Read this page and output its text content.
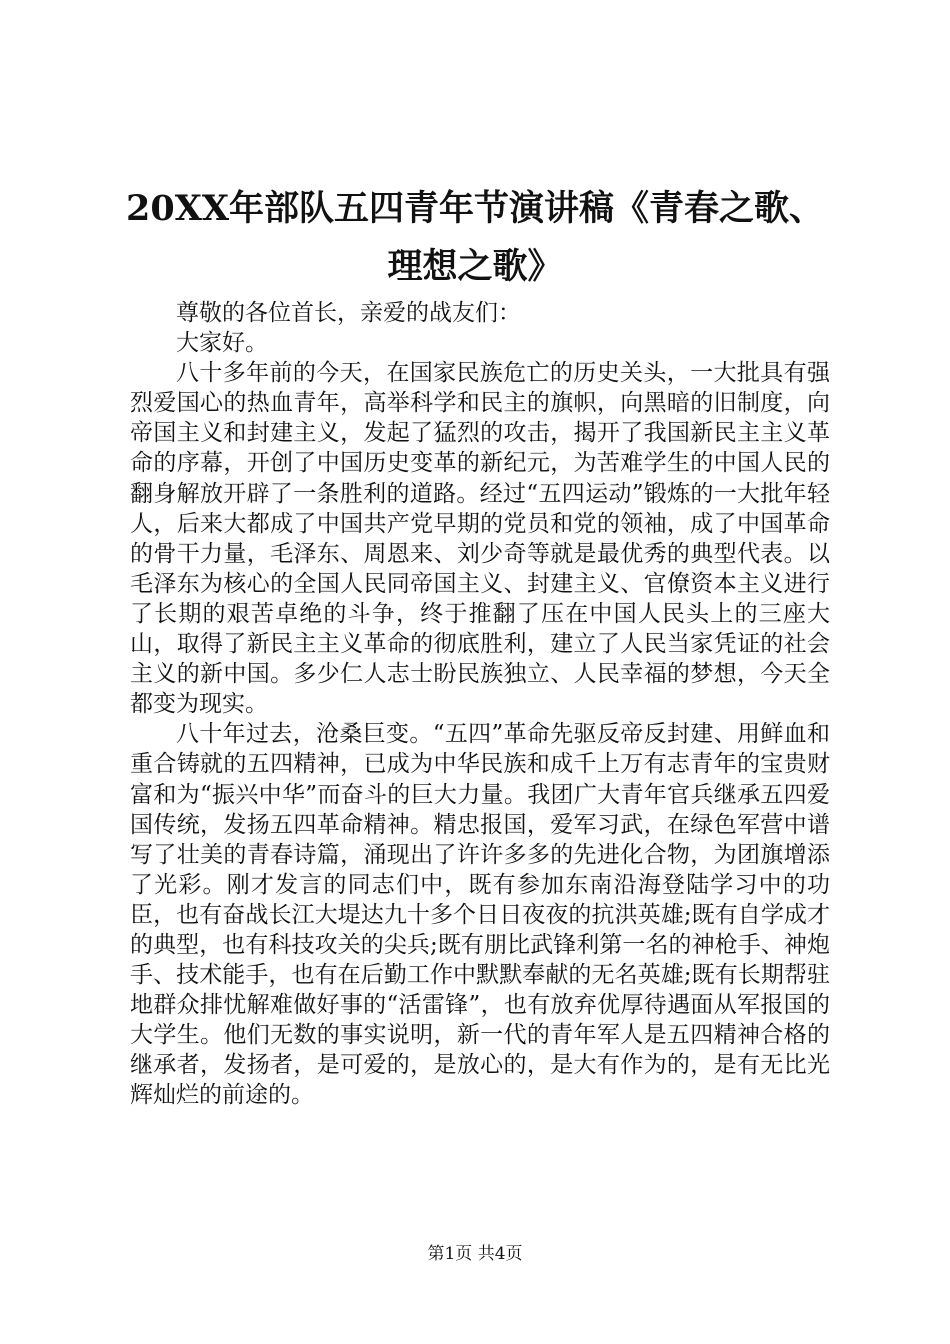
20XX年部队五四青年节演讲稿《青春之歌、
理想之歌》

尊敬的各位首长，亲爱的战友们：

大家好。

八十多年前的今天，在国家民族危亡的历史关头，一大批具有强烈爱国心的热血青年，高举科学和民主的旗帜，向黑暗的旧制度，向帝国主义和封建主义，发起了猛烈的攻击，揭开了我国新民主主义革命的序幕，开创了中国历史变革的新纪元，为苦难学生的中国人民的翻身解放开辟了一条胜利的道路。经过“五四运动”锻炼的一大批年轻人，后来大都成了中国共产党早期的党员和党的领袖，成了中国革命的骨干力量，毛泽东、周恩来、刘少奇等就是最优秀的典型代表。以毛泽东为核心的全国人民同帝国主义、封建主义、官僚资本主义进行了长期的艰苦卓绝的斗争，终于推翻了压在中国人民头上的三座大山，取得了新民主主义革命的彻底胜利，建立了人民当家凭证的社会主义的新中国。多少仁人志士盼民族独立、人民幸福的梦想，今天全都变为现实。

八十年过去，沧桑巨变。“五四”革命先驱反帝反封建、用鲜血和重合铸就的五四精神，已成为中华民族和成千上万有志青年的宝贵财富和为“振兴中华”而奋斗的巨大力量。我团广大青年官兵继承五四爱国传统，发扬五四革命精神。精忠报国，爱军习武，在绿色军营中谱写了壮美的青春诗篇，涌现出了许许多多的先进化合物，为团旗增添了光彩。刚才发言的同志们中，既有参加东南沿海登陆学习中的功臣，也有奋战长江大堤达九十多个日日夜夜的抗洪英雄;既有自学成才的典型，也有科技攻关的尖兵;既有朋比武锋利第一名的神枪手、神炮手、技术能手，也有在后勤工作中默默奉献的无名英雄;既有长期帮驻地群众排忧解难做好事的“活雷锋”，也有放弃优厚待遇面从军报国的大学生。他们无数的事实说明，新一代的青年军人是五四精神合格的继承者，发扬者，是可爱的，是放心的，是大有作为的，是有无比光辉灿烂的前途的。

第1页 共4页
